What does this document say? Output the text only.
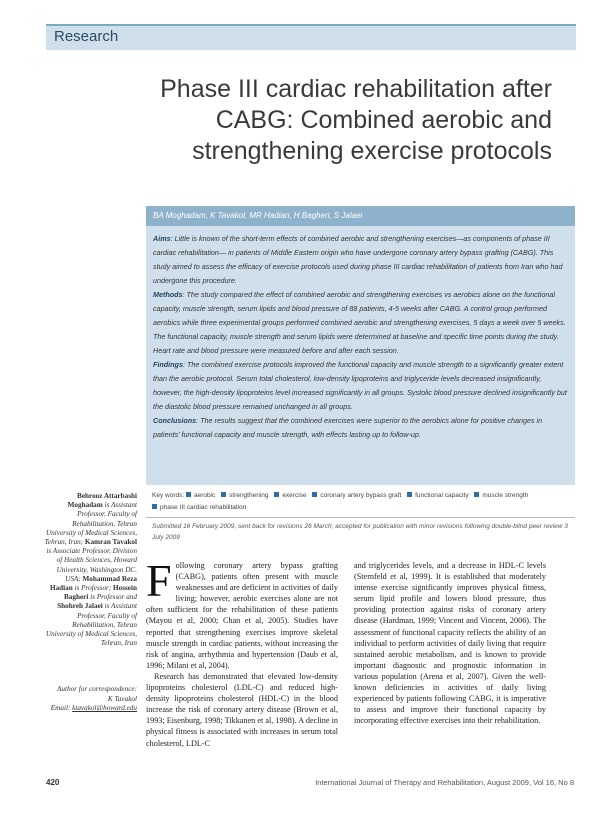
Research
Phase III cardiac rehabilitation after
CABG: Combined aerobic and
strengthening exercise protocols
BA Moghadam, K Tavakol, MR Hadian, H Bagheri, S Jalaei

Aims: Little is known of the short-term effects of combined aerobic and strengthening exercises—as components of phase III cardiac rehabilitation— in patients of Middle Eastern origin who have undergone coronary artery bypass grafting (CABG). This study aimed to assess the efficacy of exercise protocols used during phase III cardiac rehabilitation of patients from Iran who had undergone this procedure.

Methods: The study compared the effect of combined aerobic and strengthening exercises vs aerobics alone on the functional capacity, muscle strength, serum lipids and blood pressure of 88 patients, 4-5 weeks after CABG. A control group performed aerobics while three experimental groups performed combined aerobic and strengthening exercises, 5 days a week over 5 weeks. The functional capacity, muscle strength and serum lipids were determined at baseline and specific time points during the study. Heart rate and blood pressure were measured before and after each session.

Findings: The combined exercise protocols improved the functional capacity and muscle strength to a significantly greater extent than the aerobic protocol. Serum total cholesterol, low-density lipoproteins and triglyceride levels decreased insignificantly, however, the high-density lipoproteins level increased significantly in all groups. Systolic blood pressure declined insignificantly but the diastolic blood pressure remained unchanged in all groups.

Conclusions: The results suggest that the combined exercises were superior to the aerobics alone for positive changes in patients' functional capacity and muscle strength, with effects lasting up to follow-up.

Key words: aerobic strengthening exercise coronary artery bypass graft functional capacity muscle strength phase III cardiac rehabilitation
Submitted 16 February 2009, sent back for revisions 26 March; accepted for publication with minor revisions following double-blind peer review 3 July 2009
Behrooz Attarbashi Moghadam is Assistant Professor, Faculty of Rehabilitation, Tehran University of Medical Sciences, Tehran, Iran; Kamran Tavakol is Associate Professor, Division of Health Sciences, Howard University, Washington DC. USA; Mohammad Reza Hadian is Professor; Hossein Bagheri is Professor and Shohreh Jalaei is Assistant Professor, Faculty of Rehabilitation, Tehran University of Medical Sciences, Tehran, Iran
Author for correspondence:
K Tavakol
Email: ktavakol@howard.edu

Following coronary artery bypass grafting (CABG), patients often present with muscle weaknesses and are deficient in activities of daily living; however, aerobic exercises alone are not often sufficient for the rehabilitation of these patients (Mayou et al, 2000; Chan et al, 2005). Studies have reported that strengthening exercises improve skeletal muscle strength in cardiac patients, without increasing the risk of angina, arrhythmia and hypertension (Daub et al, 1996; Milani et al, 2004).

Research has demonstrated that elevated low-density lipoproteins cholesterol (LDL-C) and reduced high-density lipoproteins cholesterol (HDL-C) in the blood increase the risk of coronary artery disease (Brown et al, 1993; Eisenburg, 1998; Tikkanen et al, 1998). A decline in physical fitness is associated with increases in serum total cholesterol, LDL-C

and triglycerides levels, and a decrease in HDL-C levels (Sternfeld et al, 1999). It is established that moderately intense exercise significantly improves physical fitness, serum lipid profile and lowers blood pressure, thus providing protection against risks of coronary artery disease (Hardman, 1999; Vincent and Vincent, 2006). The assessment of functional capacity reflects the ability of an individual to perform activities of daily living that require sustained aerobic metabolism, and is known to provide important diagnostic and prognostic information in various population (Arena et al, 2007). Given the well-known deficiencies in activities of daily living experienced by patients following CABG, it is imperative to assess and improve their functional capacity by incorporating effective exercises into their rehabilitation.

420	International Journal of Therapy and Rehabilitation, August 2009, Vol 16, No 8
